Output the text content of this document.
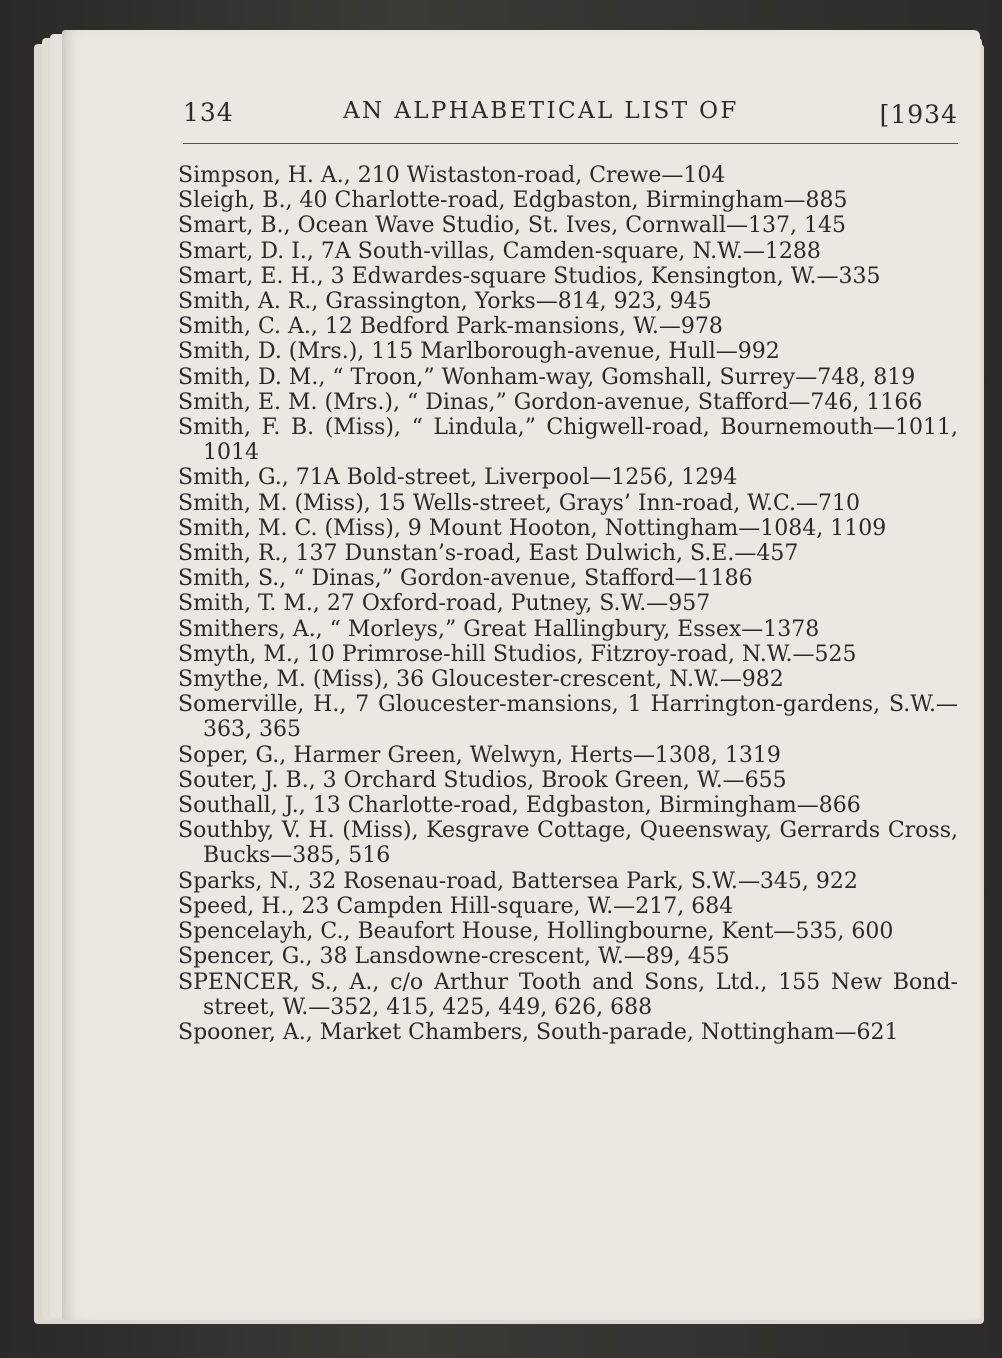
134	AN ALPHABETICAL LIST OF	[1934

Simpson, H. A., 210 Wistaston-road, Crewe—104

Sleigh, B., 40 Charlotte-road, Edgbaston, Birmingham—885

Smart, B., Ocean Wave Studio, St. Ives, Cornwall—137, 145

Smart, D. I., 7A South-villas, Camden-square, N.W.—1288

Smart, E. H., 3 Edwardes-square Studios, Kensington, W.—335

Smith, A. R., Grassington, Yorks—814, 923, 945

Smith, C. A., 12 Bedford Park-mansions, W.—978

Smith, D. (Mrs.), 115 Marlborough-avenue, Hull—992

Smith, D. M., “ Troon,” Wonham-way, Gomshall, Surrey—748, 819

Smith, E. M. (Mrs.), “ Dinas,” Gordon-avenue, Stafford—746, 1166

Smith, F. B. (Miss), “ Lindula,” Chigwell-road, Bournemouth—1011, 1014

Smith, G., 71A Bold-street, Liverpool—1256, 1294

Smith, M. (Miss), 15 Wells-street, Grays’ Inn-road, W.C.—710

Smith, M. C. (Miss), 9 Mount Hooton, Nottingham—1084, 1109

Smith, R., 137 Dunstan’s-road, East Dulwich, S.E.—457

Smith, S., “ Dinas,” Gordon-avenue, Stafford—1186

Smith, T. M., 27 Oxford-road, Putney, S.W.—957

Smithers, A., “ Morleys,” Great Hallingbury, Essex—1378

Smyth, M., 10 Primrose-hill Studios, Fitzroy-road, N.W.—525

Smythe, M. (Miss), 36 Gloucester-crescent, N.W.—982

Somerville, H., 7 Gloucester-mansions, 1 Harrington-gardens, S.W.—363, 365

Soper, G., Harmer Green, Welwyn, Herts—1308, 1319

Souter, J. B., 3 Orchard Studios, Brook Green, W.—655

Southall, J., 13 Charlotte-road, Edgbaston, Birmingham—866

Southby, V. H. (Miss), Kesgrave Cottage, Queensway, Gerrards Cross, Bucks—385, 516

Sparks, N., 32 Rosenau-road, Battersea Park, S.W.—345, 922

Speed, H., 23 Campden Hill-square, W.—217, 684

Spencelayh, C., Beaufort House, Hollingbourne, Kent—535, 600

Spencer, G., 38 Lansdowne-crescent, W.—89, 455

SPENCER, S., A., c/o Arthur Tooth and Sons, Ltd., 155 New Bond-street, W.—352, 415, 425, 449, 626, 688

Spooner, A., Market Chambers, South-parade, Nottingham—621
